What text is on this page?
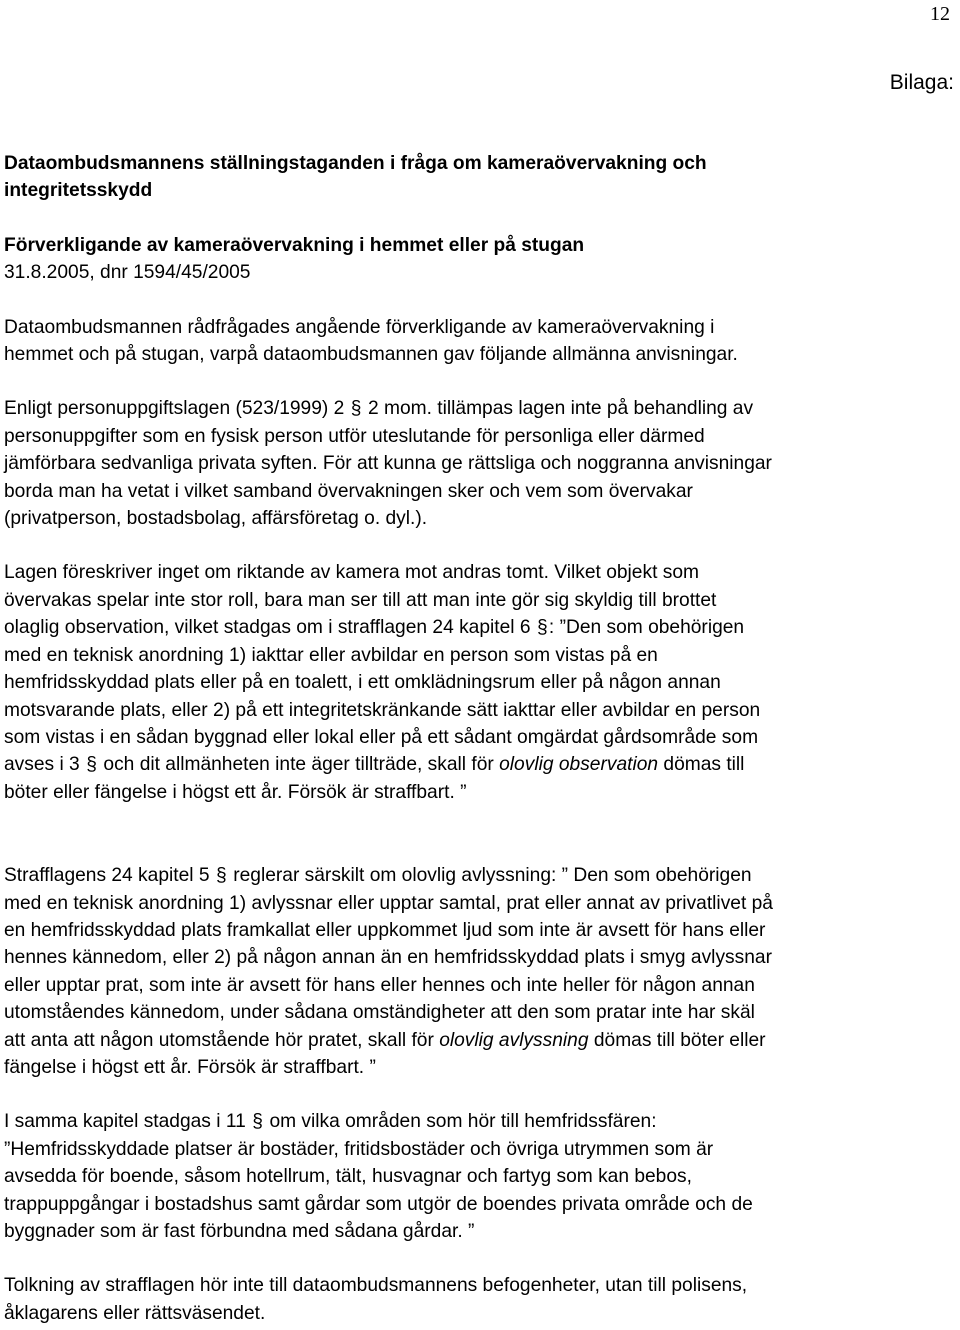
12
Bilaga:

Dataombudsmannens ställningstaganden i fråga om kameraövervakning och

integritetsskydd

Förverkligande av kameraövervakning i hemmet eller på stugan

31.8.2005, dnr 1594/45/2005

Dataombudsmannen rådfrågades angående förverkligande av kameraövervakning i

hemmet och på stugan, varpå dataombudsmannen gav följande allmänna anvisningar.

Enligt personuppgiftslagen (523/1999) 2 § 2 mom. tillämpas lagen inte på behandling av

personuppgifter som en fysisk person utför uteslutande för personliga eller därmed

jämförbara sedvanliga privata syften. För att kunna ge rättsliga och noggranna anvisningar

borda man ha vetat i vilket samband övervakningen sker och vem som övervakar

(privatperson, bostadsbolag, affärsföretag o. dyl.).

Lagen föreskriver inget om riktande av kamera mot andras tomt. Vilket objekt som

övervakas spelar inte stor roll, bara man ser till att man inte gör sig skyldig till brottet

olaglig observation, vilket stadgas om i strafflagen 24 kapitel 6 §: ”Den som obehörigen

med en teknisk anordning 1) iakttar eller avbildar en person som vistas på en

hemfridsskyddad plats eller på en toalett, i ett omklädningsrum eller på någon annan

motsvarande plats, eller 2) på ett integritetskränkande sätt iakttar eller avbildar en person

som vistas i en sådan byggnad eller lokal eller på ett sådant omgärdat gårdsområde som

avses i 3 § och dit allmänheten inte äger tillträde, skall för olovlig observation dömas till

böter eller fängelse i högst ett år. Försök är straffbart. ”

Strafflagens 24 kapitel 5 § reglerar särskilt om olovlig avlyssning: ” Den som obehörigen

med en teknisk anordning 1) avlyssnar eller upptar samtal, prat eller annat av privatlivet på

en hemfridsskyddad plats framkallat eller uppkommet ljud som inte är avsett för hans eller

hennes kännedom, eller 2) på någon annan än en hemfridsskyddad plats i smyg avlyssnar

eller upptar prat, som inte är avsett för hans eller hennes och inte heller för någon annan

utomståendes kännedom, under sådana omständigheter att den som pratar inte har skäl

att anta att någon utomstående hör pratet, skall för olovlig avlyssning dömas till böter eller

fängelse i högst ett år. Försök är straffbart. ”

I samma kapitel stadgas i 11 § om vilka områden som hör till hemfridssfären:

”Hemfridsskyddade platser är bostäder, fritidsbostäder och övriga utrymmen som är

avsedda för boende, såsom hotellrum, tält, husvagnar och fartyg som kan bebos,

trappuppgångar i bostadshus samt gårdar som utgör de boendes privata område och de

byggnader som är fast förbundna med sådana gårdar. ”

Tolkning av strafflagen hör inte till dataombudsmannens befogenheter, utan till polisens,

åklagarens eller rättsväsendet.
